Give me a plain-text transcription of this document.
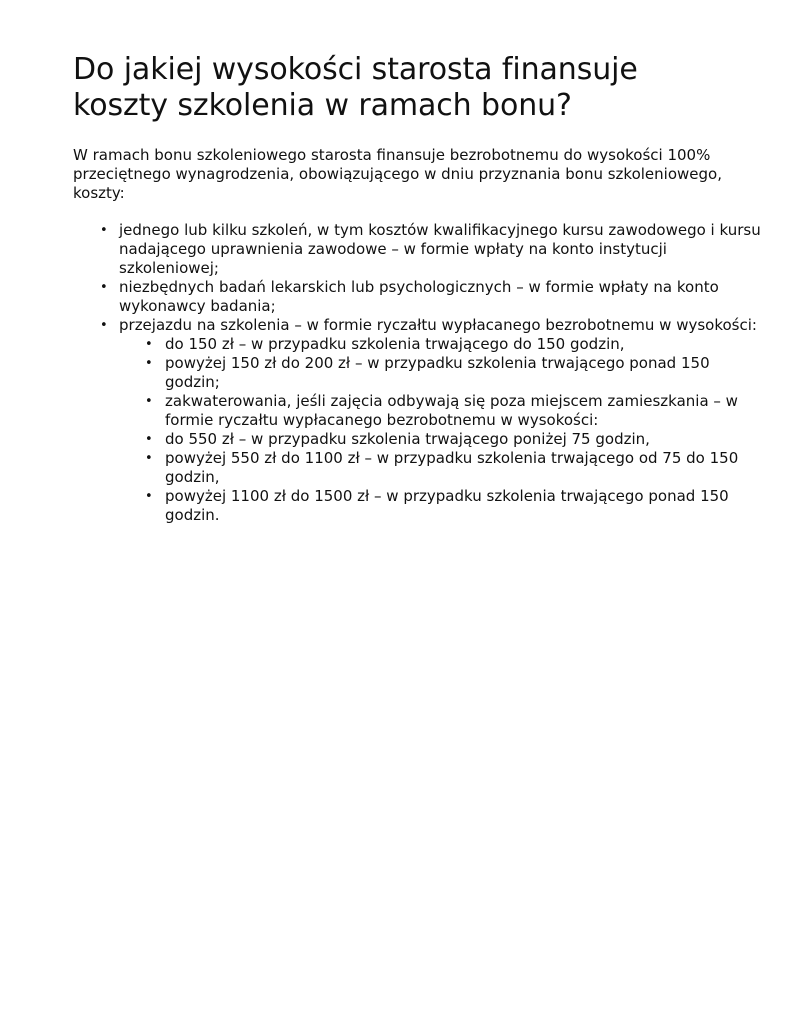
Do jakiej wysokości starosta finansuje
koszty szkolenia w ramach bonu?

W ramach bonu szkoleniowego starosta finansuje bezrobotnemu do wysokości 100% przeciętnego wynagrodzenia, obowiązującego w dniu przyznania bonu szkoleniowego, koszty:

• jednego lub kilku szkoleń, w tym kosztów kwalifikacyjnego kursu zawodowego i kursu nadającego uprawnienia zawodowe – w formie wpłaty na konto instytucji szkoleniowej;
• niezbędnych badań lekarskich lub psychologicznych – w formie wpłaty na konto wykonawcy badania;
• przejazdu na szkolenia – w formie ryczałtu wypłacanego bezrobotnemu w wysokości:
• do 150 zł – w przypadku szkolenia trwającego do 150 godzin,
• powyżej 150 zł do 200 zł – w przypadku szkolenia trwającego ponad 150 godzin;
• zakwaterowania, jeśli zajęcia odbywają się poza miejscem zamieszkania – w formie ryczałtu wypłacanego bezrobotnemu w wysokości:
• do 550 zł – w przypadku szkolenia trwającego poniżej 75 godzin,
• powyżej 550 zł do 1100 zł – w przypadku szkolenia trwającego od 75 do 150 godzin,
• powyżej 1100 zł do 1500 zł – w przypadku szkolenia trwającego ponad 150 godzin.
